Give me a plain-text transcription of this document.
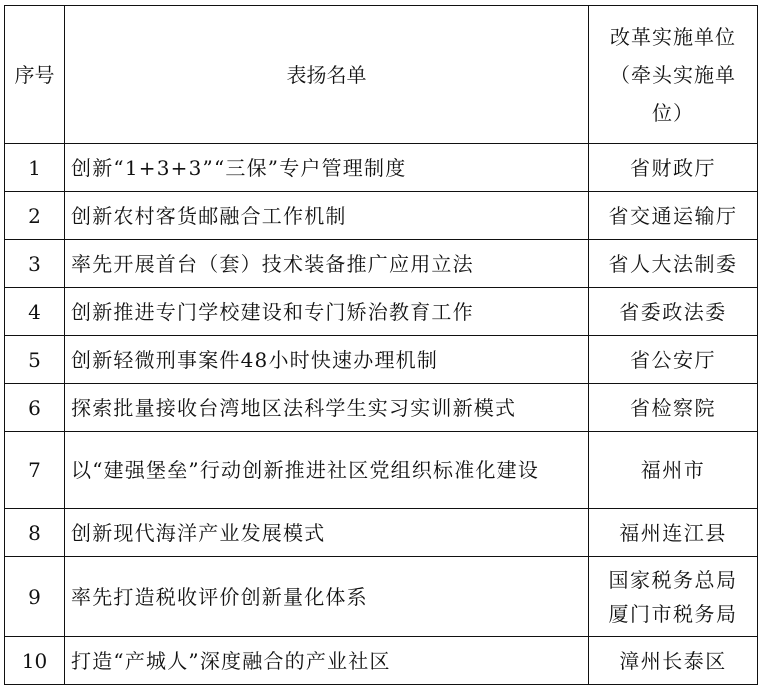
序号	表扬名单	改革实施单位（牵头实施单位）
1	创新“1+3+3”“三保”专户管理制度	省财政厅
2	创新农村客货邮融合工作机制	省交通运输厅
3	率先开展首台（套）技术装备推广应用立法	省人大法制委
4	创新推进专门学校建设和专门矫治教育工作	省委政法委
5	创新轻微刑事案件48小时快速办理机制	省公安厅
6	探索批量接收台湾地区法科学生实习实训新模式	省检察院
7	以“建强堡垒”行动创新推进社区党组织标准化建设	福州市
8	创新现代海洋产业发展模式	福州连江县
9	率先打造税收评价创新量化体系	国家税务总局
厦门市税务局

10	打造“产城人”深度融合的产业社区	漳州长泰区
